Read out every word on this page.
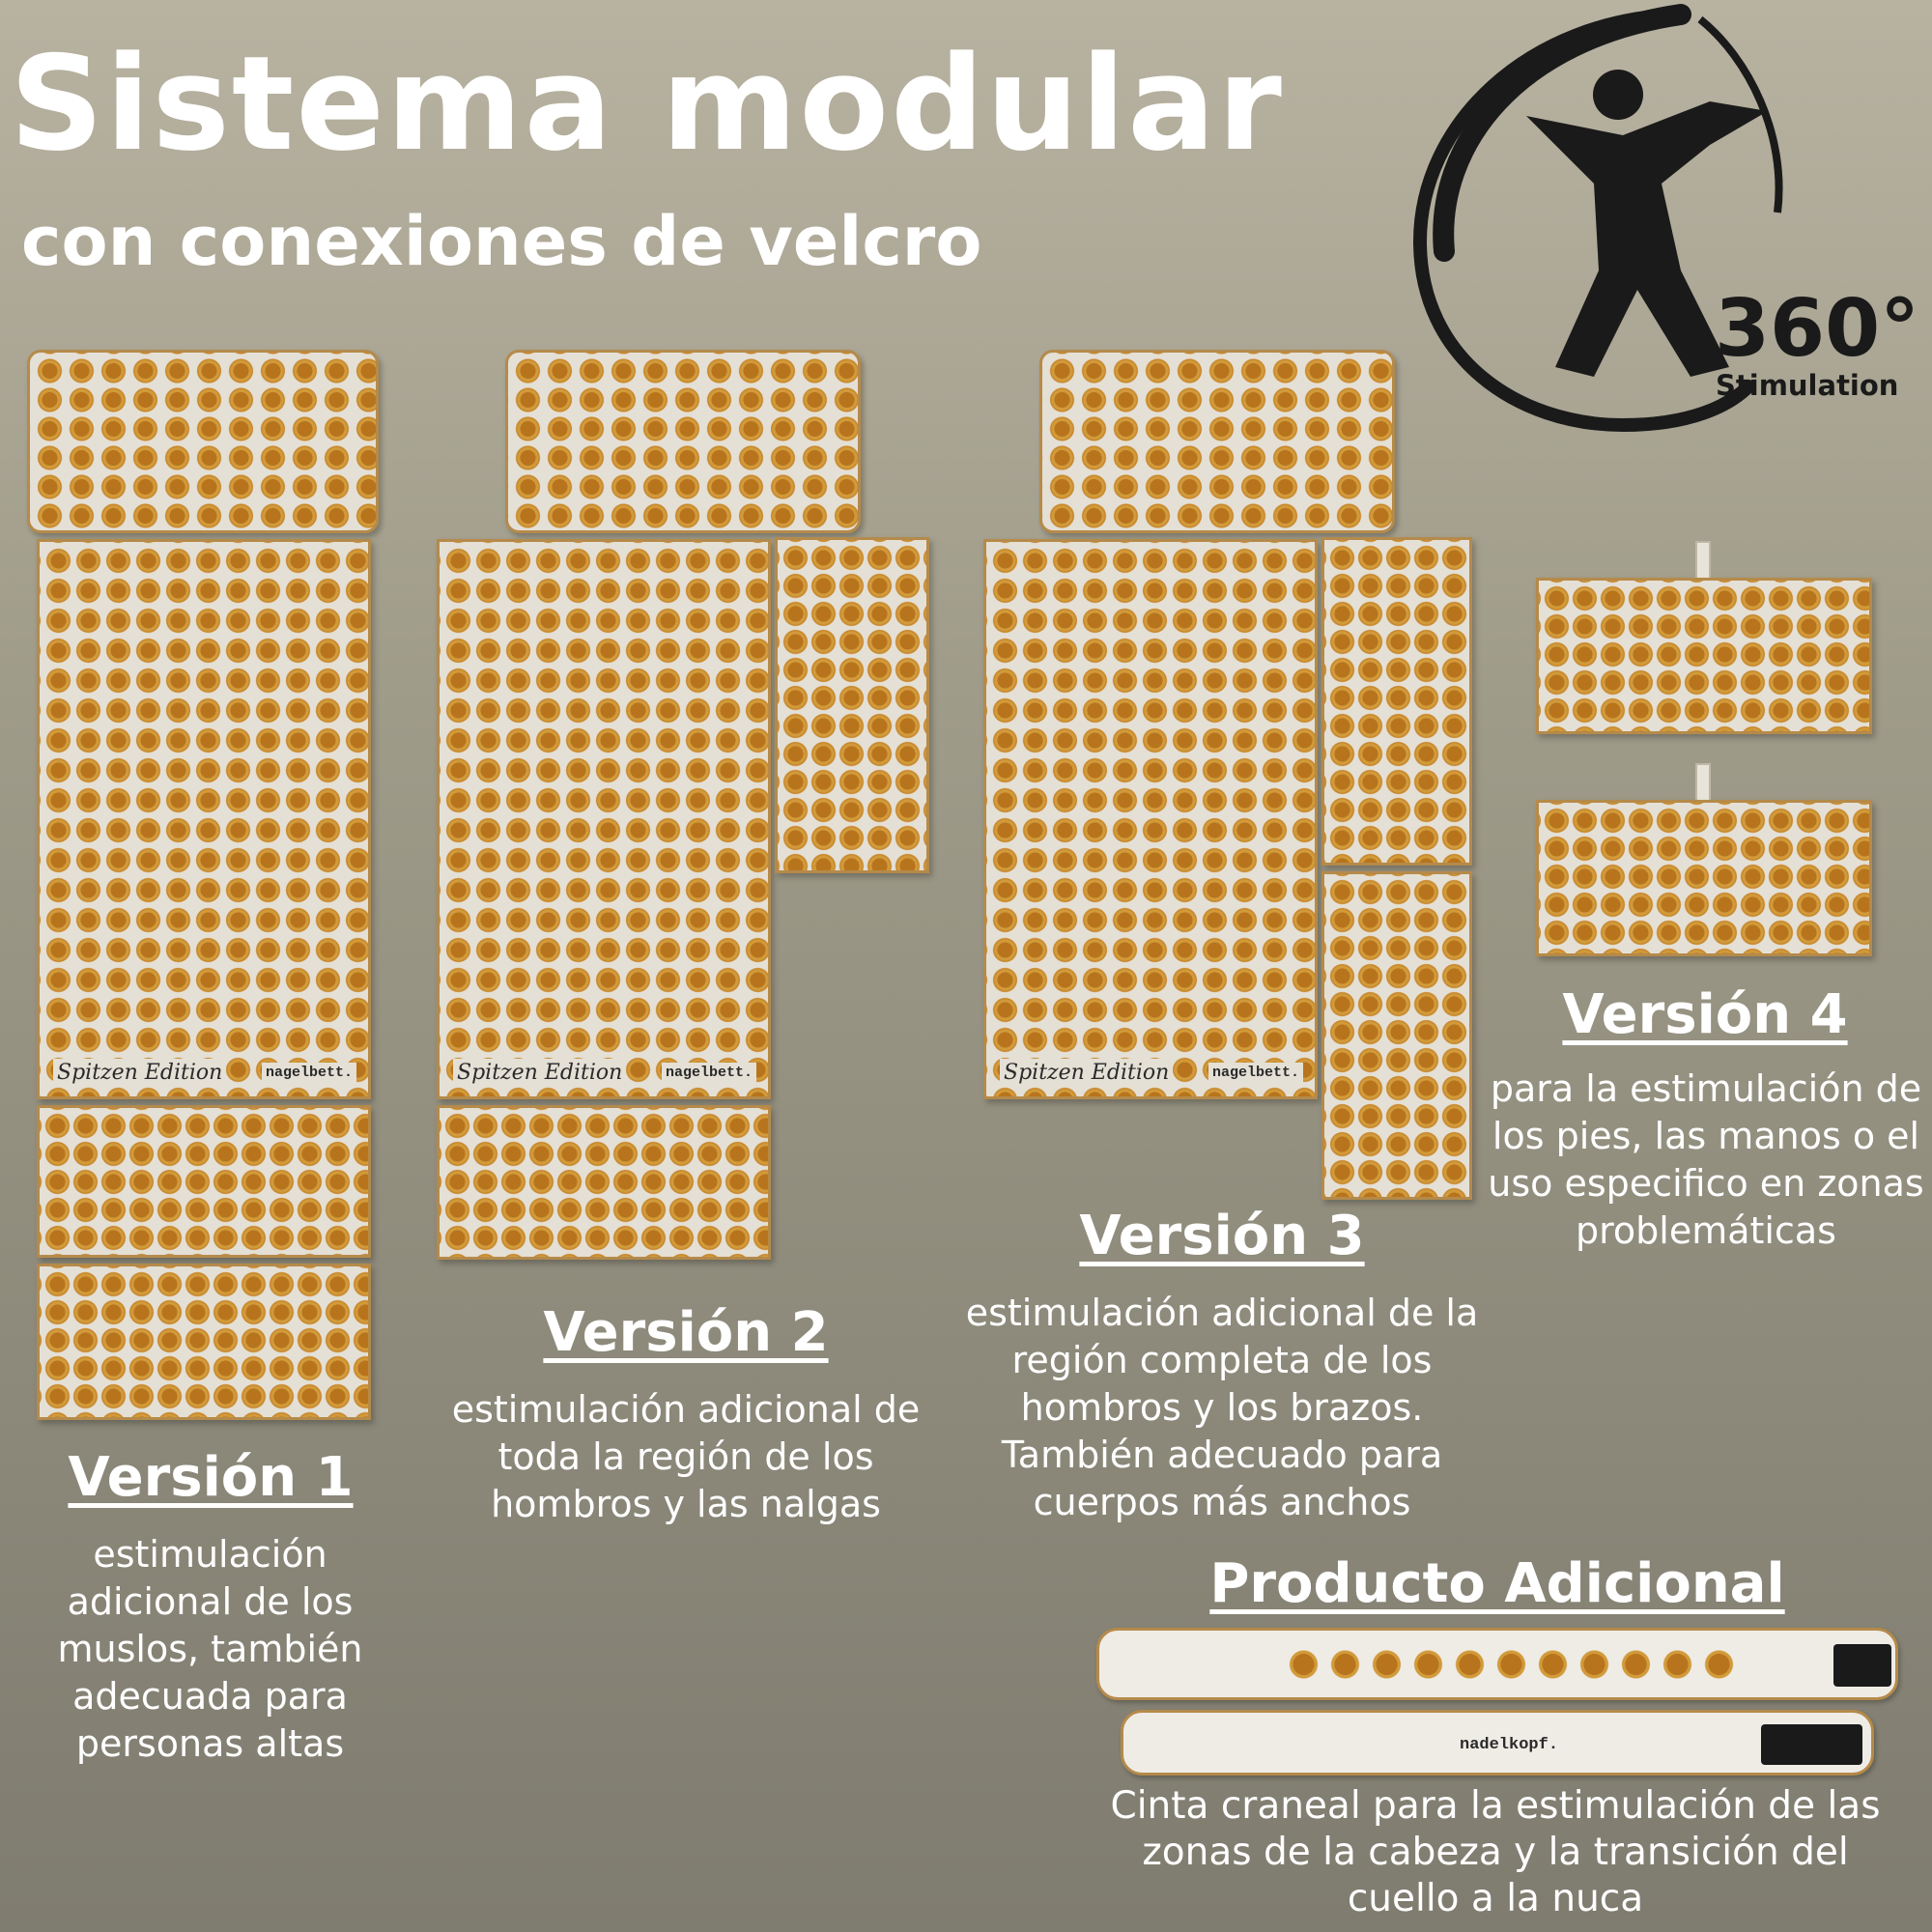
Sistema modular
con conexiones de velcro
360°
Stimulation
Spitzen Edition	nagelbett.	Spitzen Edition	nagelbett.	Spitzen Edition	nagelbett.
Versión 1
estimulación adicional de los muslos, también adecuada para personas altas
Versión 2
estimulación adicional de toda la región de los hombros y las nalgas
Versión 3
estimulación adicional de la región completa de los hombros y los brazos. También adecuado para cuerpos más anchos
Versión 4
para la estimulación de los pies, las manos o el uso especifico en zonas problemáticas
Producto Adicional
nadelkopf.
Cinta craneal para la estimulación de las zonas de la cabeza y la transición del cuello a la nuca
